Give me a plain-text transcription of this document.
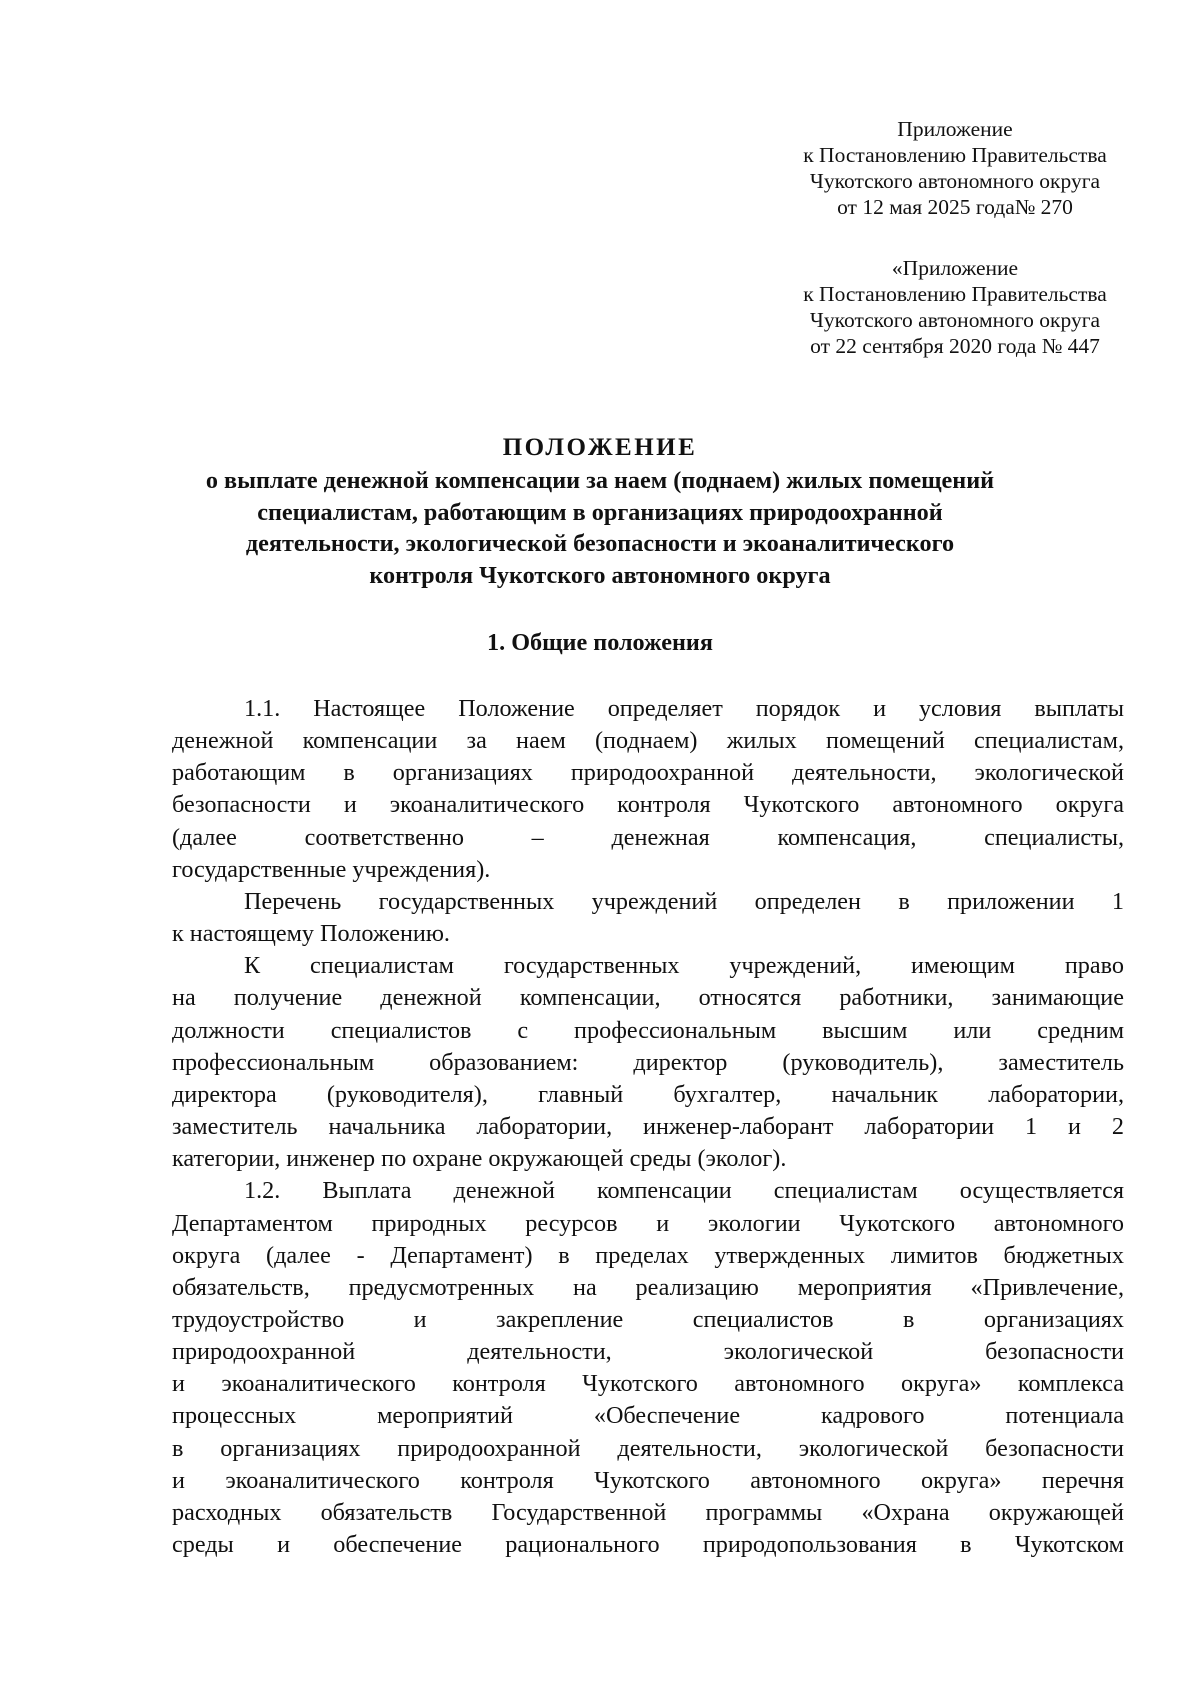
Приложение
к Постановлению Правительства
Чукотского автономного округа
от 12 мая 2025 года№ 270
«Приложение
к Постановлению Правительства
Чукотского автономного округа
от 22 сентября 2020 года № 447
ПОЛОЖЕНИЕ
о выплате денежной компенсации за наем (поднаем) жилых помещений
специалистам, работающим в организациях природоохранной
деятельности, экологической безопасности и экоаналитического
контроля Чукотского автономного округа
1. Общие положения
1.1. Настоящее Положение определяет порядок и условия выплаты
денежной компенсации за наем (поднаем) жилых помещений специалистам,
работающим в организациях природоохранной деятельности, экологической
безопасности и экоаналитического контроля Чукотского автономного округа
(далее соответственно – денежная компенсация, специалисты,
государственные учреждения).
Перечень государственных учреждений определен в приложении 1
к настоящему Положению.
К специалистам государственных учреждений, имеющим право
на получение денежной компенсации, относятся работники, занимающие
должности специалистов с профессиональным высшим или средним
профессиональным образованием: директор (руководитель), заместитель
директора (руководителя), главный бухгалтер, начальник лаборатории,
заместитель начальника лаборатории, инженер-лаборант лаборатории 1 и 2
категории, инженер по охране окружающей среды (эколог).
1.2. Выплата денежной компенсации специалистам осуществляется
Департаментом природных ресурсов и экологии Чукотского автономного
округа (далее - Департамент) в пределах утвержденных лимитов бюджетных
обязательств, предусмотренных на реализацию мероприятия «Привлечение,
трудоустройство и закрепление специалистов в организациях
природоохранной деятельности, экологической безопасности
и экоаналитического контроля Чукотского автономного округа» комплекса
процессных мероприятий «Обеспечение кадрового потенциала
в организациях природоохранной деятельности, экологической безопасности
и экоаналитического контроля Чукотского автономного округа» перечня
расходных обязательств Государственной программы «Охрана окружающей
среды и обеспечение рационального природопользования в Чукотском
